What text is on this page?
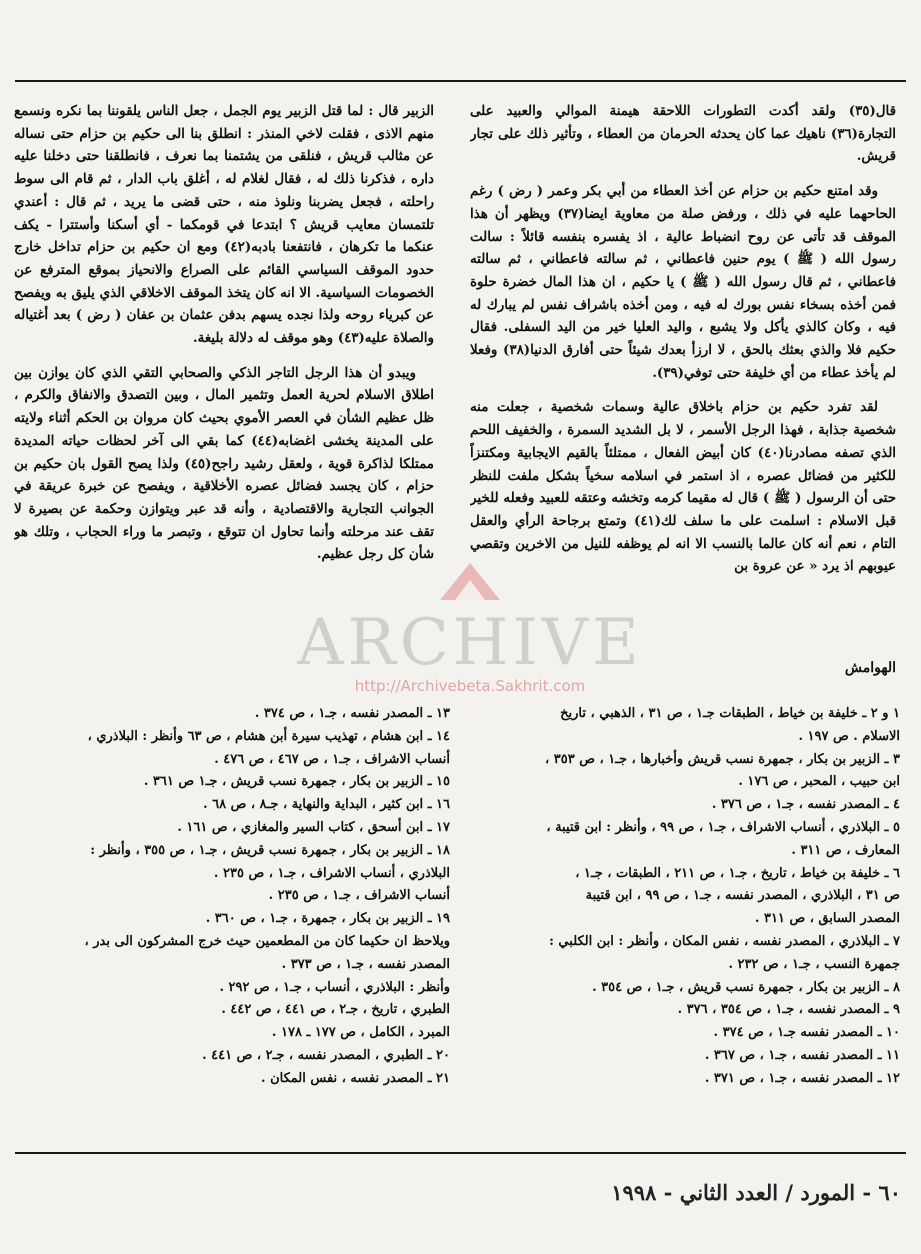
قال(٣٥) ولقد أكدت التطورات اللاحقة هيمنة الموالي والعبيد على التجارة(٣٦) ناهيك عما كان يحدثه الحرمان من العطاء ، وتأثير ذلك على تجار قريش.

وقد امتنع حكيم بن حزام عن أخذ العطاء من أبي بكر وعمر ( رض ) رغم الحاحهما عليه في ذلك ، ورفض صلة من معاوية ايضا(٣٧) ويظهر أن هذا الموقف قد تأتى عن روح انضباط عالية ، اذ يفسره بنفسه قائلاً : سالت رسول الله ( ﷺ ) يوم حنين فاعطاني ، ثم سالته فاعطاني ، ثم سالته فاعطاني ، ثم قال رسول الله ( ﷺ ) يا حكيم ، ان هذا المال خضرة حلوة فمن أخذه بسخاء نفس بورك له فيه ، ومن أخذه باشراف نفس لم يبارك له فيه ، وكان كالذي يأكل ولا يشبع ، واليد العليا خير من اليد السفلى. فقال حكيم فلا والذي بعثك بالحق ، لا ارزأ بعدك شيئاً حتى أفارق الدنيا(٣٨) وفعلا لم يأخذ عطاء من أي خليفة حتى توفي(٣٩).

لقد تفرد حكيم بن حزام باخلاق عالية وسمات شخصية ، جعلت منه شخصية جذابة ، فهذا الرجل الأسمر ، لا بل الشديد السمرة ، والخفيف اللحم الذي تصفه مصادرنا(٤٠) كان أبيض الفعال ، ممتلئاً بالقيم الايجابية ومكتنزاً للكثير من فضائل عصره ، اذ استمر في اسلامه سخياً بشكل ملفت للنظر حتى أن الرسول ( ﷺ ) قال له مقيما كرمه وتخشه وعتقه للعبيد وفعله للخير قبل الاسلام : اسلمت على ما سلف لك(٤١) وتمتع برجاحة الرأي والعقل التام ، نعم أنه كان عالما بالنسب الا انه لم يوظفه للنيل من الاخرين وتقصي عيوبهم اذ يرد « عن عروة بن

الزبير قال : لما قتل الزبير يوم الجمل ، جعل الناس يلقوننا بما نكره ونسمع منهم الاذى ، فقلت لاخي المنذر : انطلق بنا الى حكيم بن حزام حتى نساله عن مثالب قريش ، فنلقى من يشتمنا بما نعرف ، فانطلقنا حتى دخلنا عليه داره ، فذكرنا ذلك له ، فقال لغلام له ، أغلق باب الدار ، ثم قام الى سوط راحلته ، فجعل يضربنا ونلوذ منه ، حتى قضى ما يريد ، ثم قال : أعندي تلتمسان معايب قريش ؟ ابتدعا في قومكما - أي أسكنا وأستترا - يكف عنكما ما تكرهان ، فانتفعنا بادبه(٤٢) ومع ان حكيم بن حزام تداخل خارج حدود الموقف السياسي القائم على الصراع والانحياز بموقع المترفع عن الخصومات السياسية. الا انه كان يتخذ الموقف الاخلاقي الذي يليق به ويفصح عن كبرياء روحه ولذا نجده يسهم بدفن عثمان بن عفان ( رض ) بعد أغتياله والصلاة عليه(٤٣) وهو موقف له دلالة بليغة.

ويبدو أن هذا الرجل التاجر الذكي والصحابي التقي الذي كان يوازن بين اطلاق الاسلام لحرية العمل وتثمير المال ، وبين التصدق والانفاق والكرم ، ظل عظيم الشأن في العصر الأموي بحيث كان مروان بن الحكم أثناء ولايته على المدينة يخشى اغضابه(٤٤) كما بقي الى آخر لحظات حياته المديدة ممتلكا لذاكرة قوية ، ولعقل رشيد راجح(٤٥) ولذا يصح القول بان حكيم بن حزام ، كان يجسد فضائل عصره الأخلاقية ، ويفصح عن خبرة عريقة في الجوانب التجارية والاقتصادية ، وأنه قد عبر ويتوازن وحكمة عن بصيرة لا تقف عند مرحلته وأنما تحاول ان تتوقع ، وتبصر ما وراء الحجاب ، وتلك هو شأن كل رجل عظيم.

ARCHIVE
http://Archivebeta.Sakhrit.com
الهوامش
١ و ٢ ـ خليفة بن خياط ، الطبقات جـ١ ، ص ٣١ ، الذهبي ، تاريخ
الاسلام . ص ١٩٧ .
٣ ـ الزبير بن بكار ، جمهرة نسب قريش وأخبارها ، جـ١ ، ص ٣٥٣ ،
ابن حبيب ، المحبر ، ص ١٧٦ .
٤ ـ المصدر نفسه ، جـ١ ، ص ٣٧٦ .
٥ ـ البلاذري ، أنساب الاشراف ، جـ١ ، ص ٩٩ ، وأنظر : ابن قتيبة ،
المعارف ، ص ٣١١ .
٦ ـ خليفة بن خياط ، تاريخ ، جـ١ ، ص ٢١١ ، الطبقات ، جـ١ ،
ص ٣١ ، البلاذري ، المصدر نفسه ، جـ١ ، ص ٩٩ ، ابن قتيبة
المصدر السابق ، ص ٣١١ .
٧ ـ البلاذري ، المصدر نفسه ، نفس المكان ، وأنظر : ابن الكلبي :
جمهرة النسب ، جـ١ ، ص ٢٣٢ .
٨ ـ الزبير بن بكار ، جمهرة نسب قريش ، جـ١ ، ص ٣٥٤ .
٩ ـ المصدر نفسه ، جـ١ ، ص ٣٥٤ ، ٣٧٦ .
١٠ ـ المصدر نفسه جـ١ ، ص ٣٧٤ .
١١ ـ المصدر نفسه ، جـ١ ، ص ٣٦٧ .
١٢ ـ المصدر نفسه ، جـ١ ، ص ٣٧١ .
١٣ ـ المصدر نفسه ، جـ١ ، ص ٣٧٤ .
١٤ ـ ابن هشام ، تهذيب سيرة أبن هشام ، ص ٦٣ وأنظر : البلاذري ،
أنساب الاشراف ، جـ١ ، ص ٤٦٧ ، ص ٤٧٦ .
١٥ ـ الزبير بن بكار ، جمهرة نسب قريش ، جـ١ ص ٣٦١ .
١٦ ـ ابن كثير ، البداية والنهاية ، جـ٨ ، ص ٦٨ .
١٧ ـ ابن أسحق ، كتاب السير والمغازي ، ص ١٦١ .
١٨ ـ الزبير بن بكار ، جمهرة نسب قريش ، جـ١ ، ص ٣٥٥ ، وأنظر :
البلاذري ، أنساب الاشراف ، جـ١ ، ص ٢٣٥ .
أنساب الاشراف ، جـ١ ، ص ٢٣٥ .
١٩ ـ الزبير بن بكار ، جمهرة ، جـ١ ، ص ٣٦٠ .
ويلاحظ ان حكيما كان من المطعمين حيث خرج المشركون الى بدر ،
المصدر نفسه ، جـ١ ، ص ٣٧٣ .
وأنظر : البلاذري ، أنساب ، جـ١ ، ص ٢٩٢ .
الطبري ، تاريخ ، جـ٢ ، ص ٤٤١ ، ص ٤٤٢ .
المبرد ، الكامل ، ص ١٧٧ ـ ١٧٨ .
٢٠ ـ الطبري ، المصدر نفسه ، جـ٢ ، ص ٤٤١ .
٢١ ـ المصدر نفسه ، نفس المكان .
٦٠ - المورد / العدد الثاني - ١٩٩٨
